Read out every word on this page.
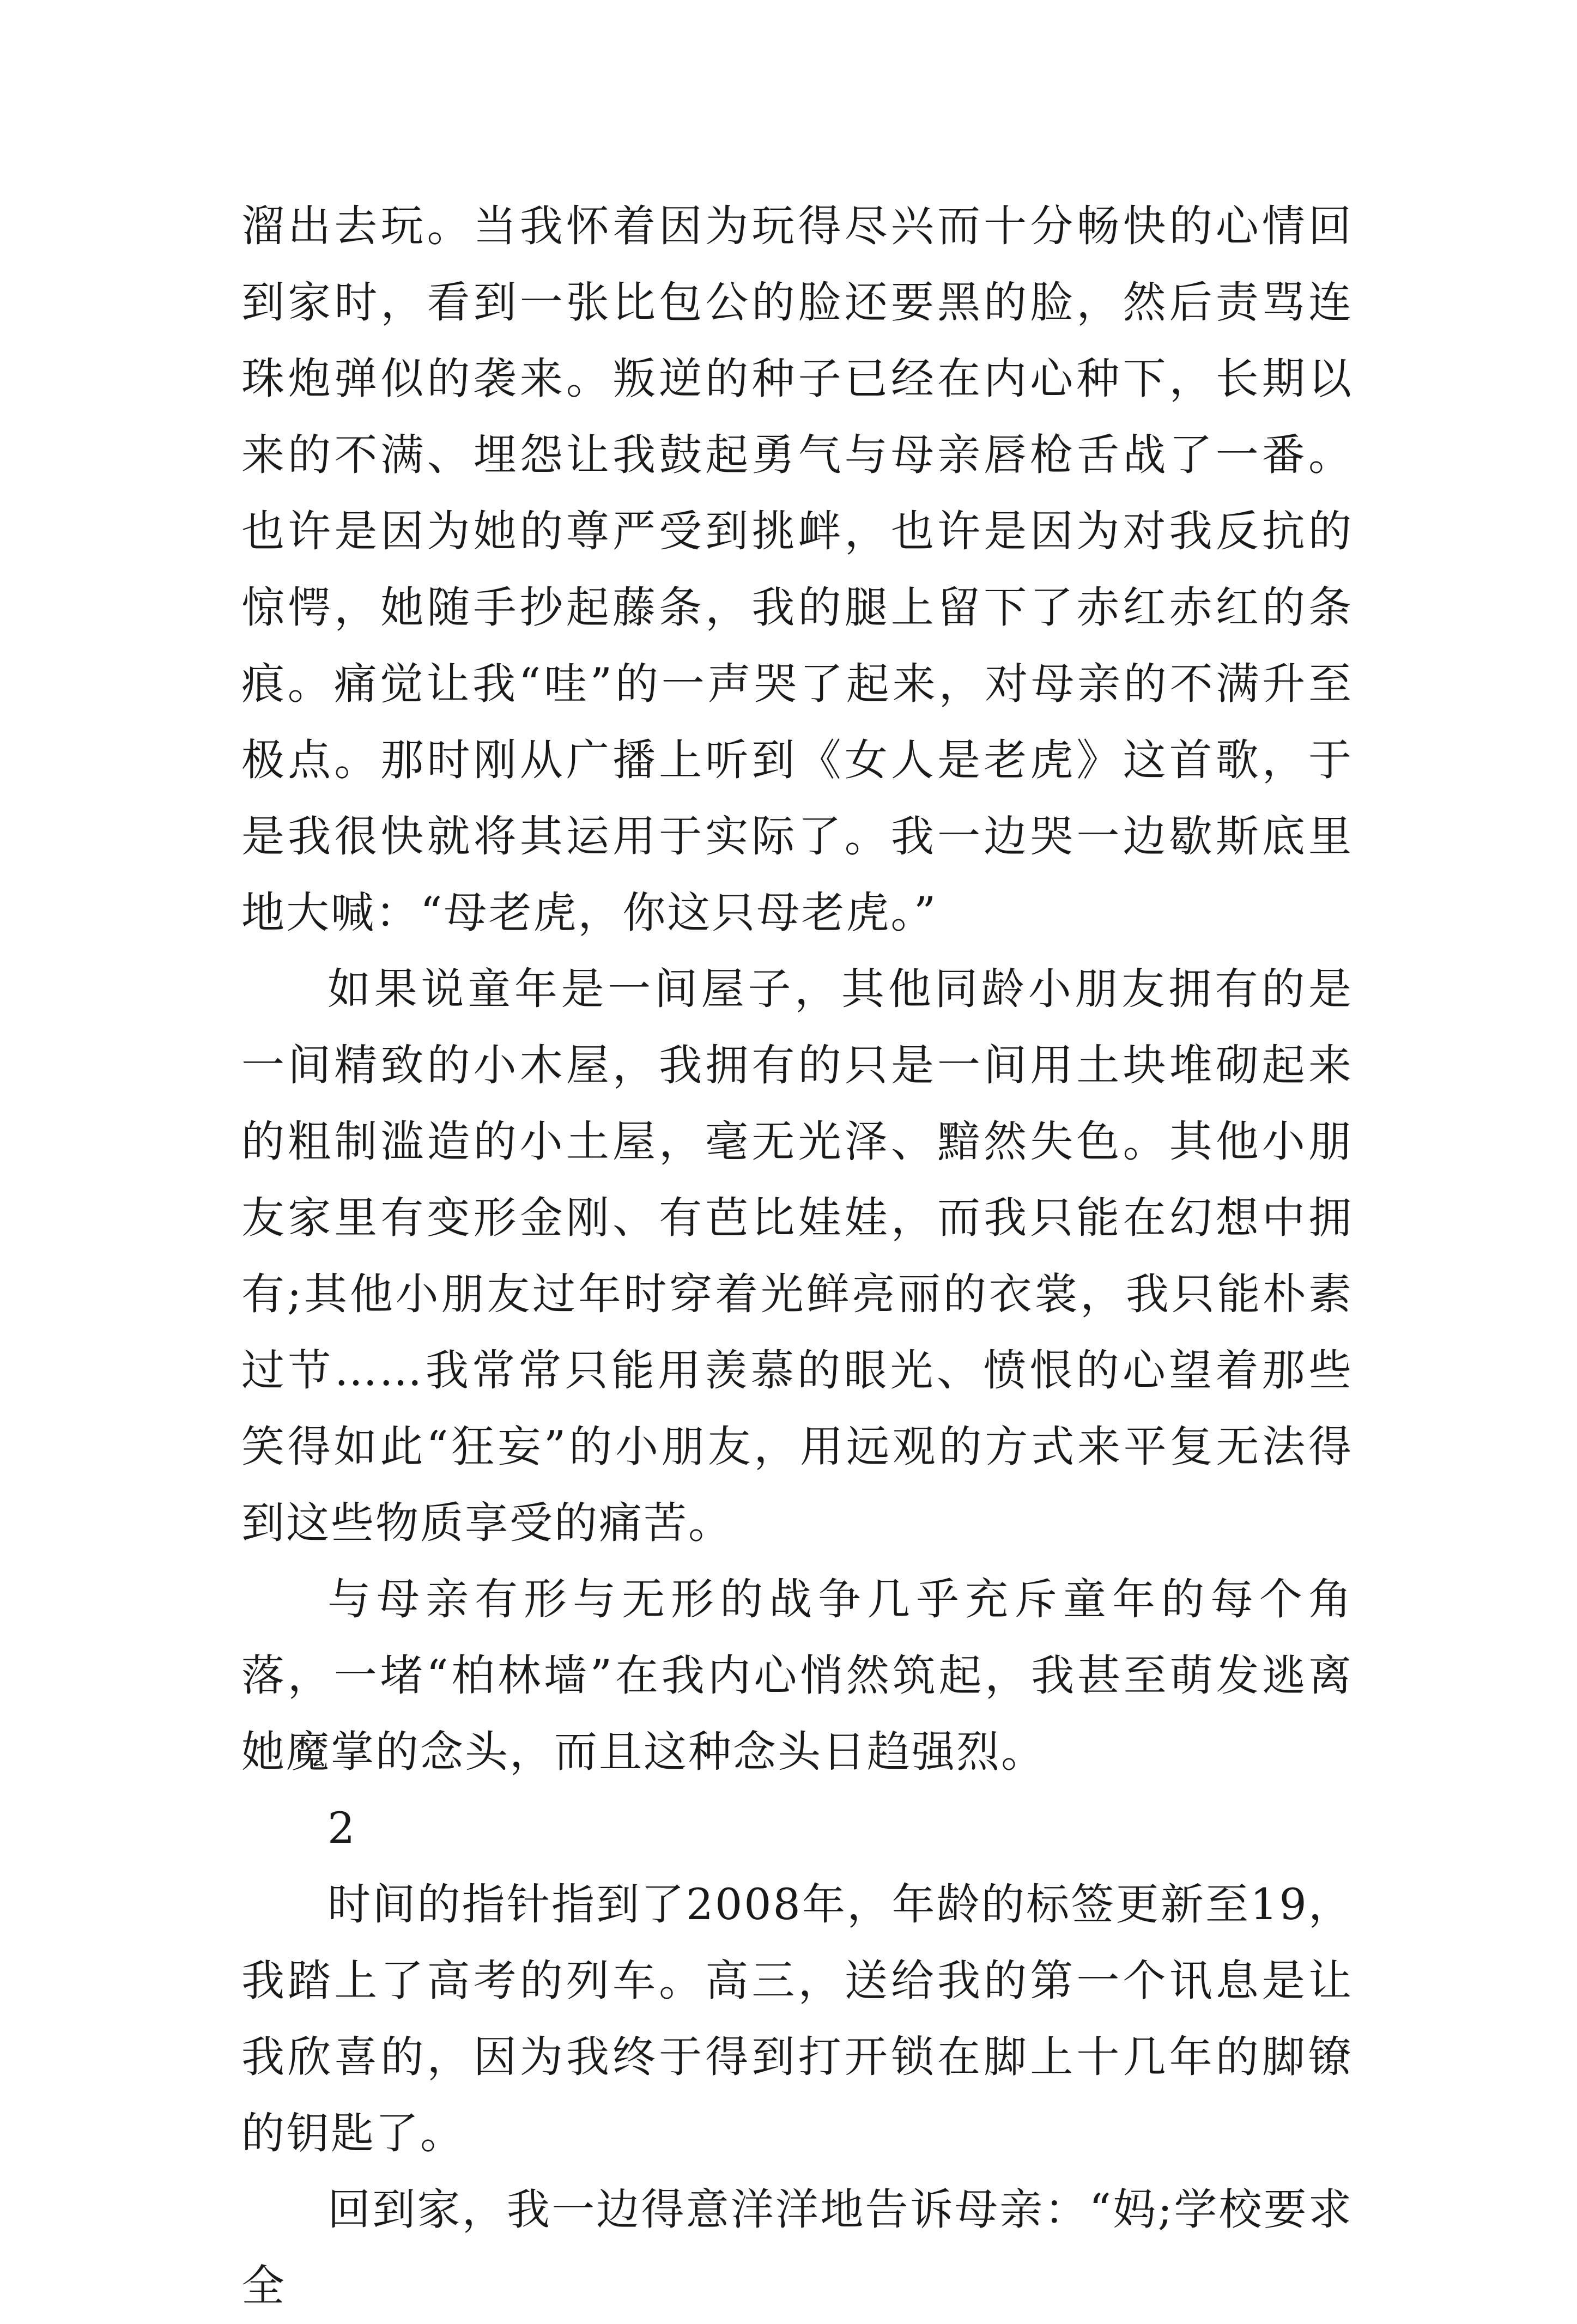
溜出去玩。当我怀着因为玩得尽兴而十分畅快的心情回到家时，看到一张比包公的脸还要黑的脸，然后责骂连珠炮弹似的袭来。叛逆的种子已经在内心种下，长期以来的不满、埋怨让我鼓起勇气与母亲唇枪舌战了一番。也许是因为她的尊严受到挑衅，也许是因为对我反抗的惊愕，她随手抄起藤条，我的腿上留下了赤红赤红的条痕。痛觉让我“哇”的一声哭了起来，对母亲的不满升至极点。那时刚从广播上听到《女人是老虎》这首歌，于是我很快就将其运用于实际了。我一边哭一边歇斯底里地大喊：“母老虎，你这只母老虎。”

如果说童年是一间屋子，其他同龄小朋友拥有的是一间精致的小木屋，我拥有的只是一间用土块堆砌起来的粗制滥造的小土屋，毫无光泽、黯然失色。其他小朋友家里有变形金刚、有芭比娃娃，而我只能在幻想中拥有;其他小朋友过年时穿着光鲜亮丽的衣裳，我只能朴素过节……我常常只能用羡慕的眼光、愤恨的心望着那些笑得如此“狂妄”的小朋友，用远观的方式来平复无法得到这些物质享受的痛苦。

与母亲有形与无形的战争几乎充斥童年的每个角落，一堵“柏林墙”在我内心悄然筑起，我甚至萌发逃离她魔掌的念头，而且这种念头日趋强烈。

2

时间的指针指到了2008年，年龄的标签更新至19，我踏上了高考的列车。高三，送给我的第一个讯息是让我欣喜的，因为我终于得到打开锁在脚上十几年的脚镣的钥匙了。

回到家，我一边得意洋洋地告诉母亲：“妈;学校要求全
